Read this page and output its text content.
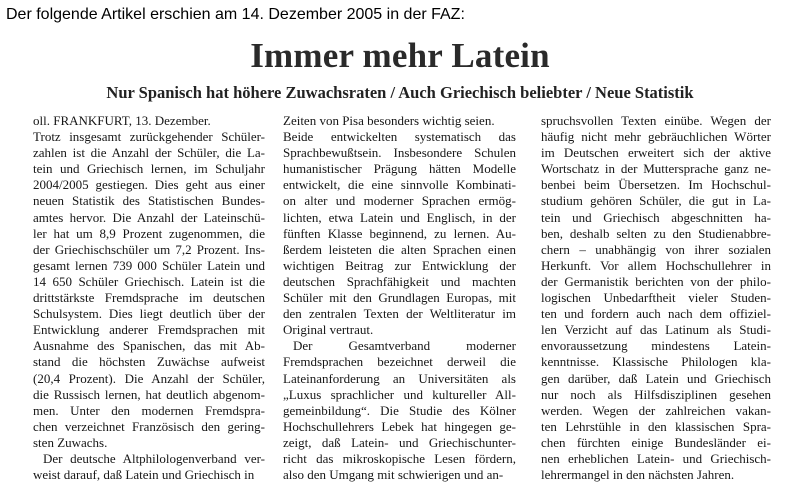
Der folgende Artikel erschien am 14. Dezember 2005 in der FAZ:
Immer mehr Latein
Nur Spanisch hat höhere Zuwachsraten / Auch Griechisch beliebter / Neue Statistik
oll. FRANKFURT, 13. Dezember.
Trotz insgesamt zurückgehender Schüler-
zahlen ist die Anzahl der Schüler, die La-
tein und Griechisch lernen, im Schuljahr
2004/2005 gestiegen. Dies geht aus einer
neuen Statistik des Statistischen Bundes-
amtes hervor. Die Anzahl der Lateinschü-
ler hat um 8,9 Prozent zugenommen, die
der Griechischschüler um 7,2 Prozent. Ins-
gesamt lernen 739 000 Schüler Latein und
14 650 Schüler Griechisch. Latein ist die
drittstärkste Fremdsprache im deutschen
Schulsystem. Dies liegt deutlich über der
Entwicklung anderer Fremdsprachen mit
Ausnahme des Spanischen, das mit Ab-
stand die höchsten Zuwächse aufweist
(20,4 Prozent). Die Anzahl der Schüler,
die Russisch lernen, hat deutlich abgenom-
men. Unter den modernen Fremdspra-
chen verzeichnet Französisch den gering-
sten Zuwachs.
Der deutsche Altphilologenverband ver-
weist darauf, daß Latein und Griechisch in
Zeiten von Pisa besonders wichtig seien.
Beide entwickelten systematisch das
Sprachbewußtsein. Insbesondere Schulen
humanistischer Prägung hätten Modelle
entwickelt, die eine sinnvolle Kombinati-
on alter und moderner Sprachen ermög-
lichten, etwa Latein und Englisch, in der
fünften Klasse beginnend, zu lernen. Au-
ßerdem leisteten die alten Sprachen einen
wichtigen Beitrag zur Entwicklung der
deutschen Sprachfähigkeit und machten
Schüler mit den Grundlagen Europas, mit
den zentralen Texten der Weltliteratur im
Original vertraut.
Der Gesamtverband moderner
Fremdsprachen bezeichnet derweil die
Lateinanforderung an Universitäten als
„Luxus sprachlicher und kultureller All-
gemeinbildung“. Die Studie des Kölner
Hochschullehrers Lebek hat hingegen ge-
zeigt, daß Latein- und Griechischunter-
richt das mikroskopische Lesen fördern,
also den Umgang mit schwierigen und an-
spruchsvollen Texten einübe. Wegen der
häufig nicht mehr gebräuchlichen Wörter
im Deutschen erweitert sich der aktive
Wortschatz in der Muttersprache ganz ne-
benbei beim Übersetzen. Im Hochschul-
studium gehören Schüler, die gut in La-
tein und Griechisch abgeschnitten ha-
ben, deshalb selten zu den Studienabbre-
chern – unabhängig von ihrer sozialen
Herkunft. Vor allem Hochschullehrer in
der Germanistik berichten von der philo-
logischen Unbedarftheit vieler Studen-
ten und fordern auch nach dem offiziel-
len Verzicht auf das Latinum als Studi-
envoraussetzung mindestens Latein-
kenntnisse. Klassische Philologen kla-
gen darüber, daß Latein und Griechisch
nur noch als Hilfsdisziplinen gesehen
werden. Wegen der zahlreichen vakan-
ten Lehrstühle in den klassischen Spra-
chen fürchten einige Bundesländer ei-
nen erheblichen Latein- und Griechisch-
lehrermangel in den nächsten Jahren.
